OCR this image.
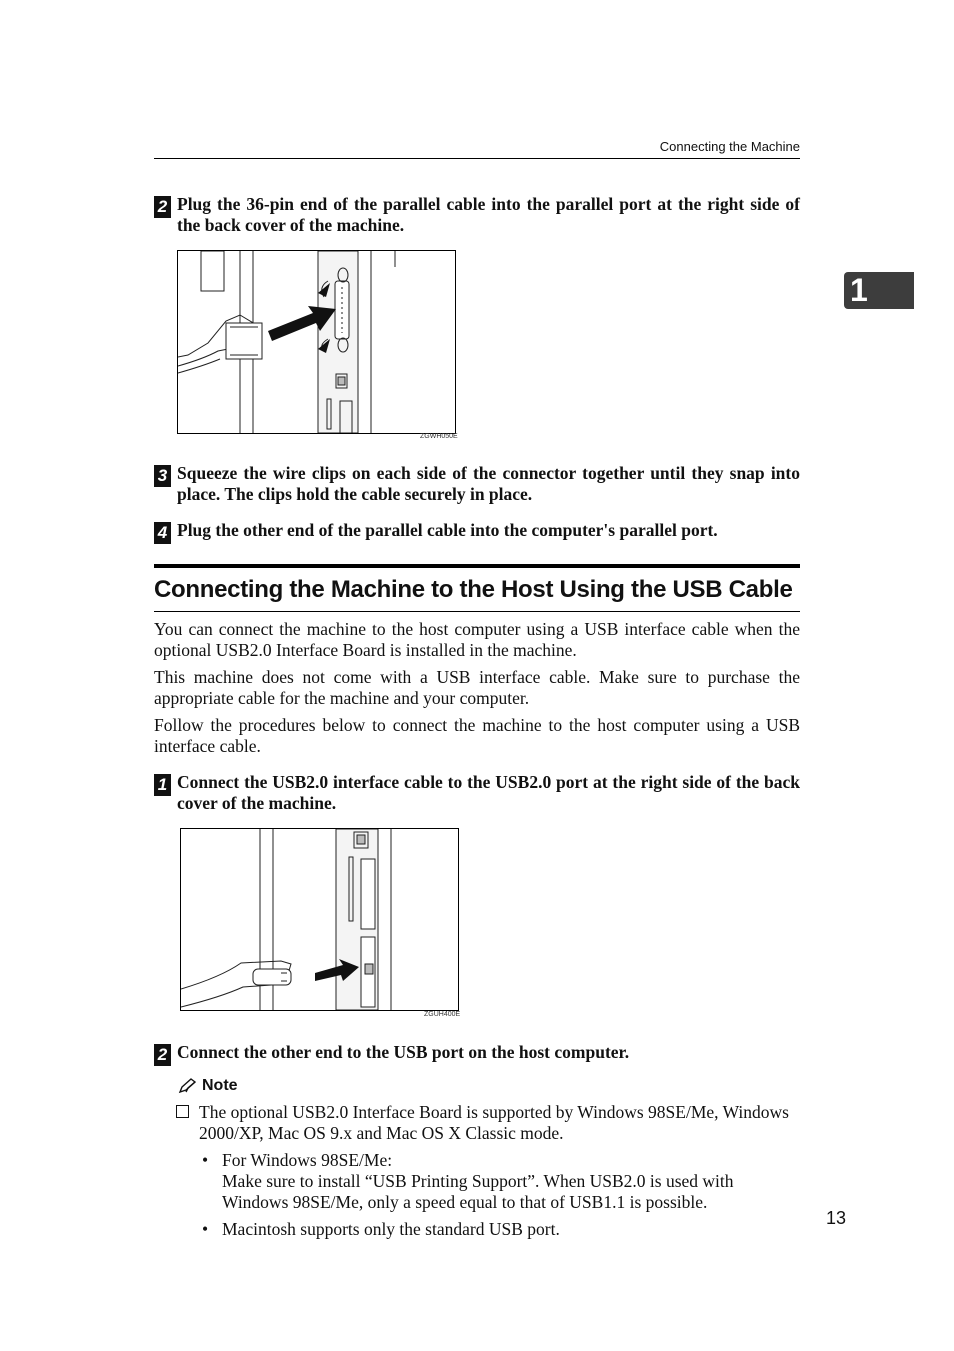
Connecting the Machine
1
2 Plug the 36-pin end of the parallel cable into the parallel port at the right side of the back cover of the machine.
ZGWH050E
3 Squeeze the wire clips on each side of the connector together until they snap into place. The clips hold the cable securely in place.
4 Plug the other end of the parallel cable into the computer's parallel port.
Connecting the Machine to the Host Using the USB Cable

You can connect the machine to the host computer using a USB interface cable when the optional USB2.0 Interface Board is installed in the machine.

This machine does not come with a USB interface cable. Make sure to purchase the appropriate cable for the machine and your computer.

Follow the procedures below to connect the machine to the host computer using a USB interface cable.

1 Connect the USB2.0 interface cable to the USB2.0 port at the right side of the back cover of the machine.
ZGUH400E
2 Connect the other end to the USB port on the host computer.
Note
The optional USB2.0 Interface Board is supported by Windows 98SE/Me, Windows 2000/XP, Mac OS 9.x and Mac OS X Classic mode.
• For Windows 98SE/Me:
Make sure to install “USB Printing Support”. When USB2.0 is used with Windows 98SE/Me, only a speed equal to that of USB1.1 is possible.
• Macintosh supports only the standard USB port.
13
